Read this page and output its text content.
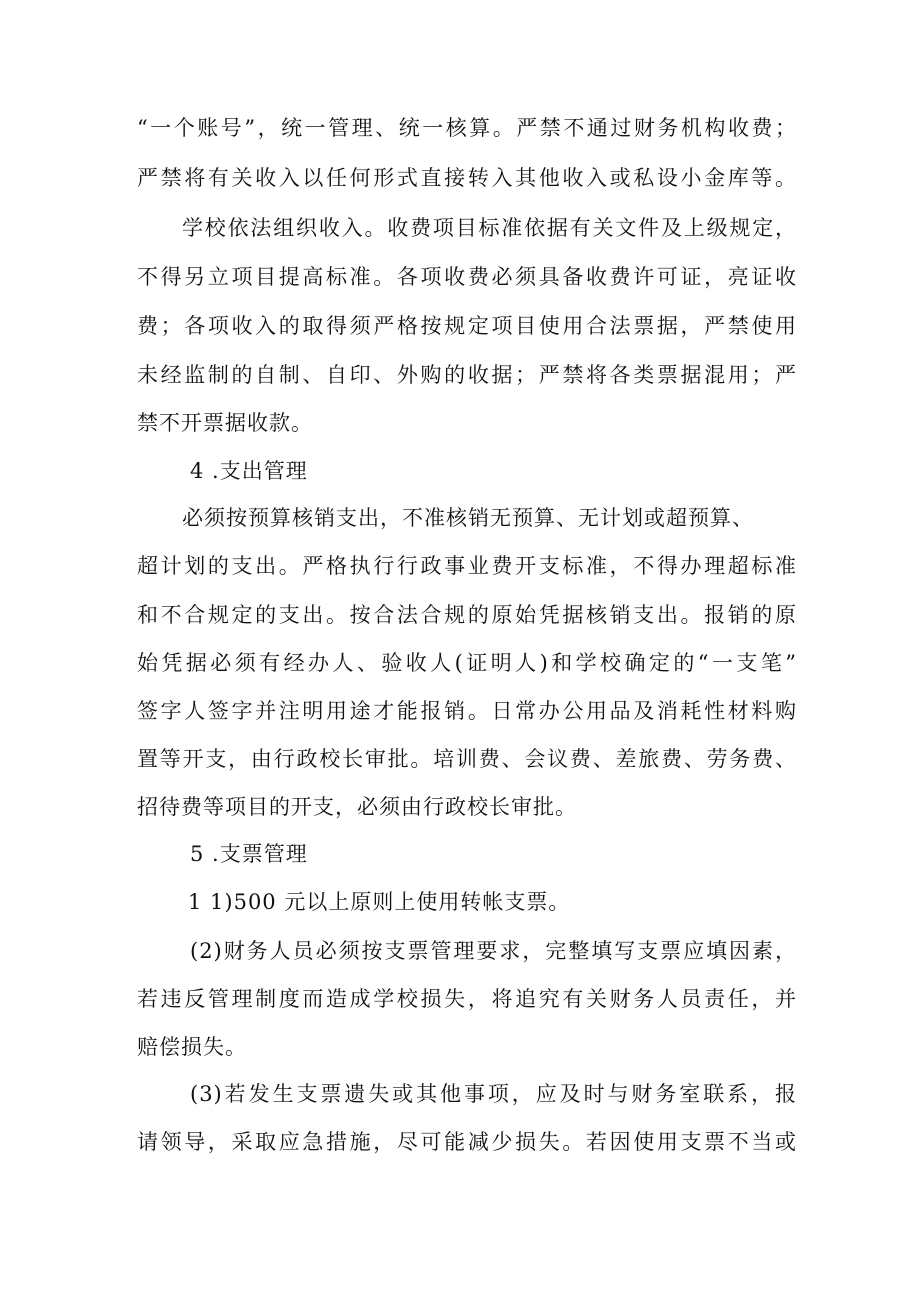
“一个账号”，统一管理、统一核算。严禁不通过财务机构收费；
严禁将有关收入以任何形式直接转入其他收入或私设小金库等。
学校依法组织收入。收费项目标准依据有关文件及上级规定，
不得另立项目提高标准。各项收费必须具备收费许可证，亮证收
费；各项收入的取得须严格按规定项目使用合法票据，严禁使用
未经监制的自制、自印、外购的收据；严禁将各类票据混用；严
禁不开票据收款。
4 .支出管理
必须按预算核销支出，不准核销无预算、无计划或超预算、
超计划的支出。严格执行行政事业费开支标准，不得办理超标准
和不合规定的支出。按合法合规的原始凭据核销支出。报销的原
始凭据必须有经办人、验收人(证明人)和学校确定的“一支笔”
签字人签字并注明用途才能报销。日常办公用品及消耗性材料购
置等开支，由行政校长审批。培训费、会议费、差旅费、劳务费、
招待费等项目的开支，必须由行政校长审批。
5 .支票管理
1 1)500 元以上原则上使用转帐支票。
(2)财务人员必须按支票管理要求，完整填写支票应填因素，
若违反管理制度而造成学校损失，将追究有关财务人员责任，并
赔偿损失。
(3)若发生支票遗失或其他事项，应及时与财务室联系，报
请领导，采取应急措施，尽可能减少损失。若因使用支票不当或
